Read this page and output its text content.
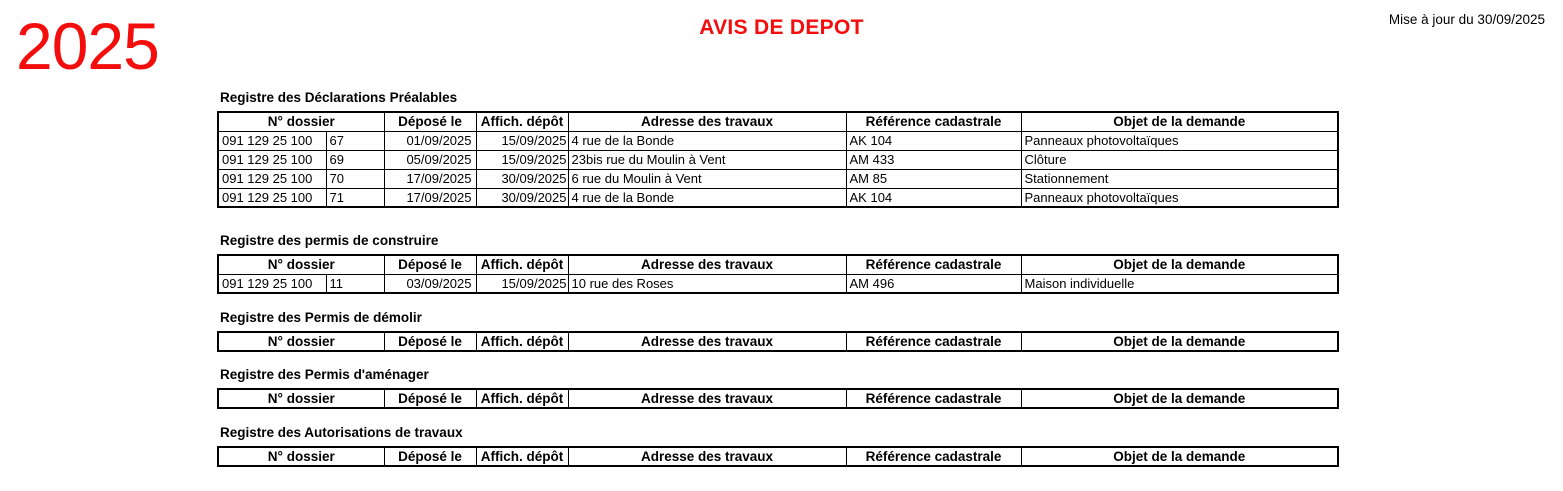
2025	AVIS DE DEPOT	Mise à jour du 30/09/2025
Registre des Déclarations Préalables
N° dossier		Déposé le	Affich. dépôt	Adresse des travaux	Référence cadastrale	Objet de la demande
091 129 25 100	67	01/09/2025	15/09/2025	4 rue de la Bonde	AK 104	Panneaux photovoltaïques
091 129 25 100	69	05/09/2025	15/09/2025	23bis rue du Moulin à Vent	AM 433	Clôture
091 129 25 100	70	17/09/2025	30/09/2025	6 rue du Moulin à Vent	AM 85	Stationnement
091 129 25 100	71	17/09/2025	30/09/2025	4 rue de la Bonde	AK 104	Panneaux photovoltaïques
Registre des permis de construire
N° dossier		Déposé le	Affich. dépôt	Adresse des travaux	Référence cadastrale	Objet de la demande
091 129 25 100	11	03/09/2025	15/09/2025	10 rue des Roses	AM 496	Maison individuelle
Registre des Permis de démolir
N° dossier	Déposé le	Affich. dépôt	Adresse des travaux	Référence cadastrale	Objet de la demande
Registre des Permis d'aménager
N° dossier	Déposé le	Affich. dépôt	Adresse des travaux	Référence cadastrale	Objet de la demande
Registre des Autorisations de travaux
N° dossier	Déposé le	Affich. dépôt	Adresse des travaux	Référence cadastrale	Objet de la demande
